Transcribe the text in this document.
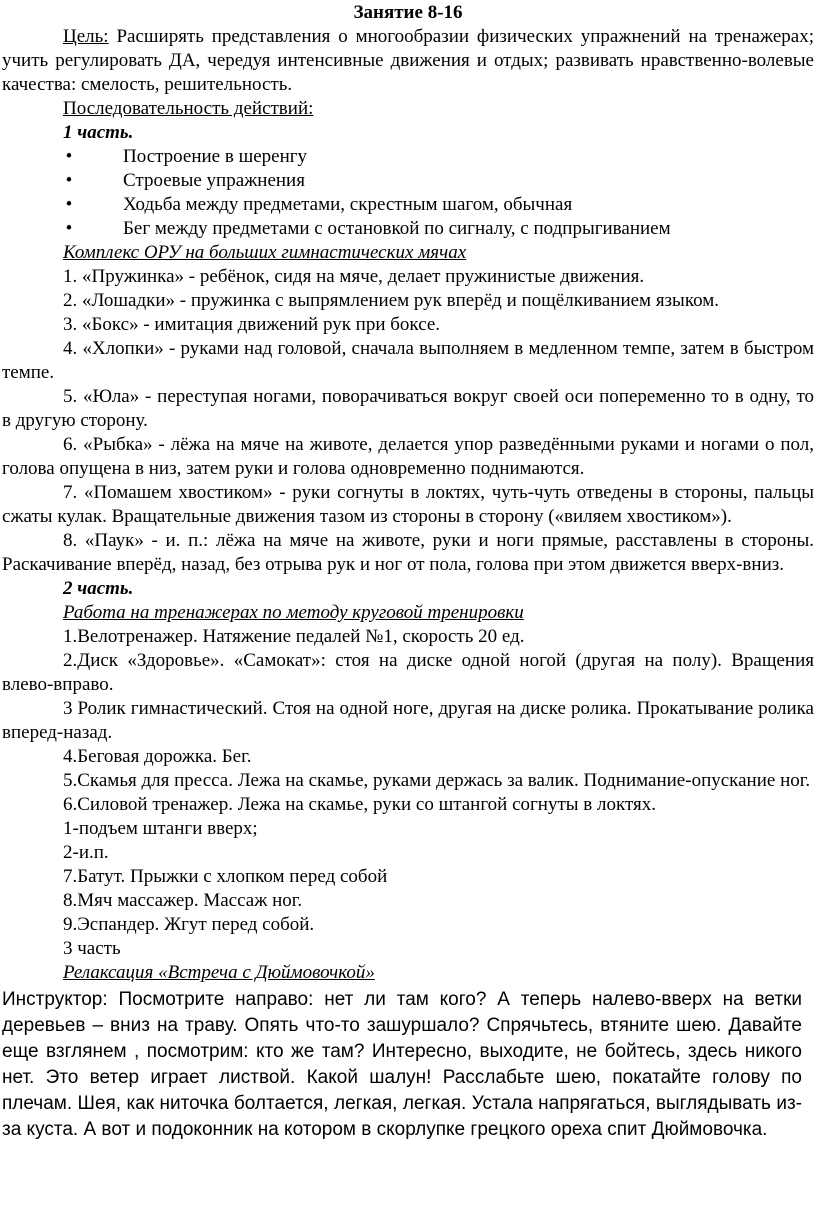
Занятие 8-16

Цель: Расширять представления о многообразии физических упражнений на тренажерах; учить регулировать ДА, чередуя интенсивные движения и отдых; развивать нравственно-волевые качества: смелость, решительность.

Последовательность действий:
1 часть.
•	Построение в шеренгу
•	Строевые упражнения
•	Ходьба между предметами, скрестным шагом, обычная
•	Бег между предметами с остановкой по сигналу, с подпрыгиванием
Комплекс ОРУ на больших гимнастических мячах

1. «Пружинка» - ребёнок, сидя на мяче, делает пружинистые движения.

2. «Лошадки» - пружинка с выпрямлением рук вперёд и пощёлкиванием языком.

3. «Бокс» - имитация движений рук при боксе.

4. «Хлопки» - руками над головой, сначала выполняем в медленном темпе, затем в быстром темпе.

5. «Юла» - переступая ногами, поворачиваться вокруг своей оси попеременно то в одну, то в другую сторону.

6. «Рыбка» - лёжа на мяче на животе, делается упор разведёнными руками и ногами о пол, голова опущена в низ, затем руки и голова одновременно поднимаются.

7. «Помашем хвостиком» - руки согнуты в локтях, чуть-чуть отведены в стороны, пальцы сжаты кулак. Вращательные движения тазом из стороны в сторону («виляем хвостиком»).

8. «Паук» - и. п.: лёжа на мяче на животе, руки и ноги прямые, расставлены в стороны. Раскачивание вперёд, назад, без отрыва рук и ног от пола, голова при этом движется вверх-вниз.

2 часть.
Работа на тренажерах по методу круговой тренировки

1.Велотренажер. Натяжение педалей №1, скорость 20 ед.

2.Диск «Здоровье». «Самокат»: стоя на диске одной ногой (другая на полу). Вращения влево-вправо.

3 Ролик гимнастический. Стоя на одной ноге, другая на диске ролика. Прокатывание ролика вперед-назад.

4.Беговая дорожка. Бег.

5.Скамья для пресса. Лежа на скамье, руками держась за валик. Поднимание-опускание ног.

6.Силовой тренажер. Лежа на скамье, руки со штангой согнуты в локтях.

1-подъем штанги вверх;

2-и.п.

7.Батут. Прыжки с хлопком перед собой

8.Мяч массажер. Массаж ног.

9.Эспандер. Жгут перед собой.

3 часть
Релаксация «Встреча с Дюймовочкой»

Инструктор: Посмотрите направо: нет ли там кого? А теперь налево-вверх на ветки деревьев – вниз на траву. Опять что-то зашуршало? Спрячьтесь, втяните шею. Давайте еще взглянем , посмотрим: кто же там? Интересно, выходите, не бойтесь, здесь никого нет. Это ветер играет листвой. Какой шалун! Расслабьте шею, покатайте голову по плечам. Шея, как ниточка болтается, легкая, легкая. Устала напрягаться, выглядывать из-за куста. А вот и подоконник на котором в скорлупке грецкого ореха спит Дюймовочка.
